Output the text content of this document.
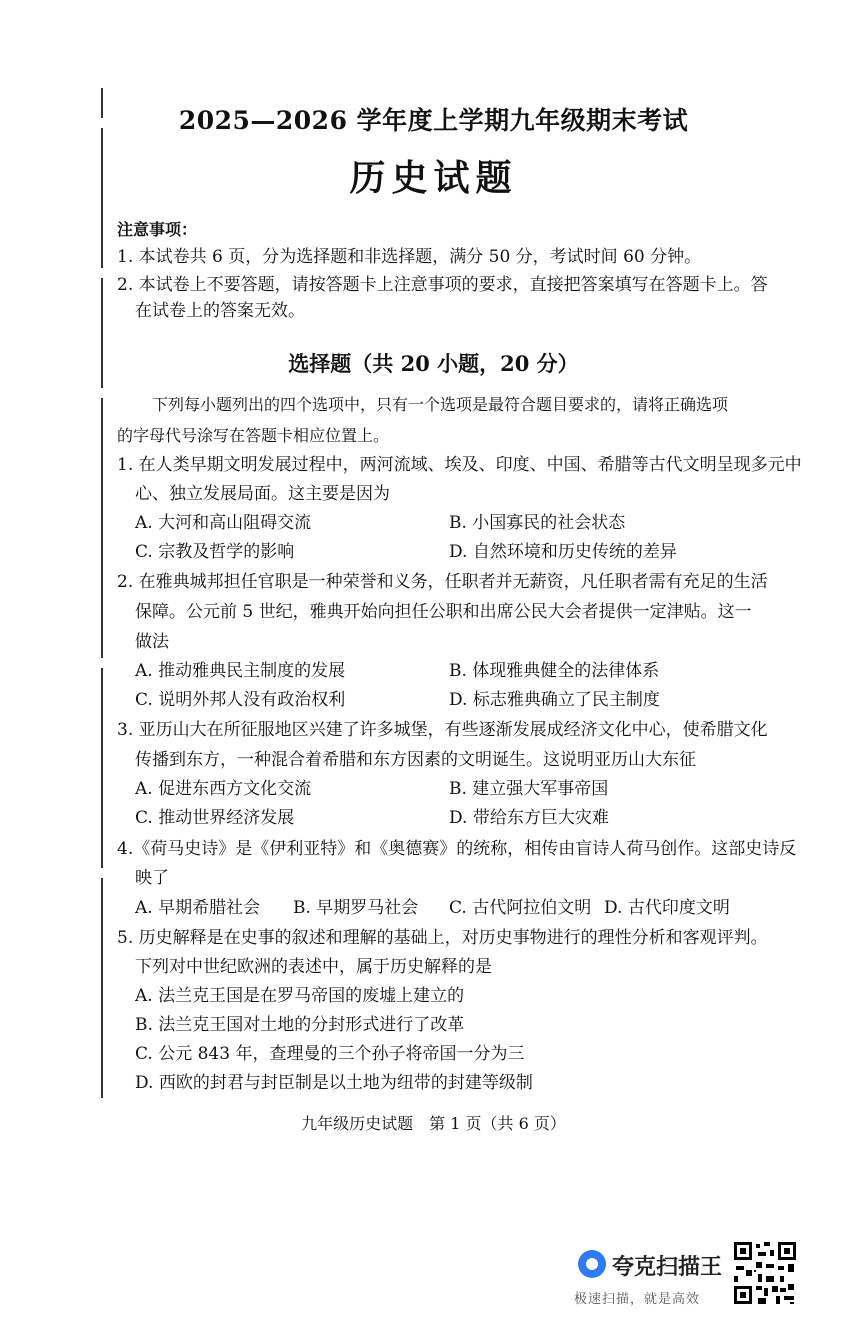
2025—2026 学年度上学期九年级期末考试
历史试题
注意事项：
1. 本试卷共 6 页，分为选择题和非选择题，满分 50 分，考试时间 60 分钟。
2. 本试卷上不要答题，请按答题卡上注意事项的要求，直接把答案填写在答题卡上。答
在试卷上的答案无效。
选择题（共 20 小题，20 分）
下列每小题列出的四个选项中，只有一个选项是最符合题目要求的，请将正确选项
的字母代号涂写在答题卡相应位置上。
1. 在人类早期文明发展过程中，两河流域、埃及、印度、中国、希腊等古代文明呈现多元中
心、独立发展局面。这主要是因为
A. 大河和高山阻碍交流	B. 小国寡民的社会状态
C. 宗教及哲学的影响	D. 自然环境和历史传统的差异
2. 在雅典城邦担任官职是一种荣誉和义务，任职者并无薪资，凡任职者需有充足的生活
保障。公元前 5 世纪，雅典开始向担任公职和出席公民大会者提供一定津贴。这一
做法
A. 推动雅典民主制度的发展	B. 体现雅典健全的法律体系
C. 说明外邦人没有政治权利	D. 标志雅典确立了民主制度
3. 亚历山大在所征服地区兴建了许多城堡，有些逐渐发展成经济文化中心，使希腊文化
传播到东方，一种混合着希腊和东方因素的文明诞生。这说明亚历山大东征
A. 促进东西方文化交流	B. 建立强大军事帝国
C. 推动世界经济发展	D. 带给东方巨大灾难
4.《荷马史诗》是《伊利亚特》和《奥德赛》的统称，相传由盲诗人荷马创作。这部史诗反
映了
A. 早期希腊社会 B. 早期罗马社会 C. 古代阿拉伯文明 D. 古代印度文明
5. 历史解释是在史事的叙述和理解的基础上，对历史事物进行的理性分析和客观评判。
下列对中世纪欧洲的表述中，属于历史解释的是
A. 法兰克王国是在罗马帝国的废墟上建立的
B. 法兰克王国对土地的分封形式进行了改革
C. 公元 843 年，查理曼的三个孙子将帝国一分为三
D. 西欧的封君与封臣制是以土地为纽带的封建等级制
九年级历史试题　第 1 页（共 6 页）
夸克扫描王
极速扫描，就是高效
